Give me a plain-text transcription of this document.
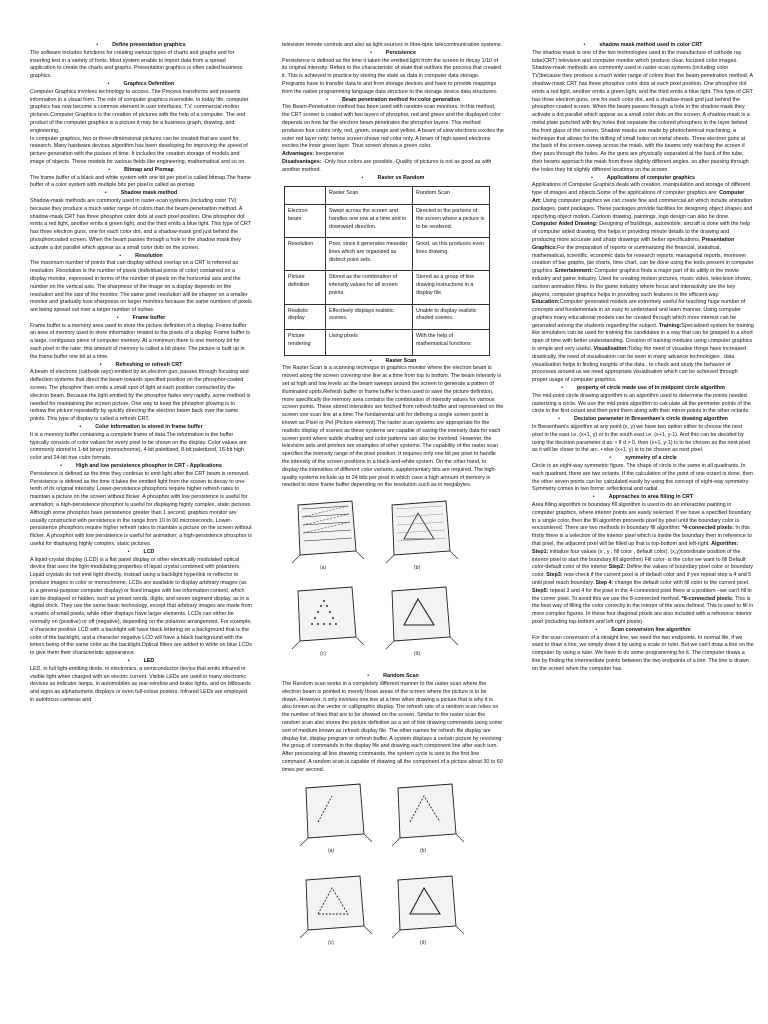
•	Define presentation graphics

The software includes functions for creating various types of charts and graphs and for inserting text in a variety of fonts. Most system enable to import data from a spread application to create the charts and graphs. Presentation graphics is often called business graphics.

•	Graphics Defenition

Computer Graphics involves technology to access. The Process transforms and presents information in a visual form. The role of computer graphics insensible. In today life, computer graphics has now become a common element in user interfaces, T.V. commercial motion pictures.Computer Graphics is the creation of pictures with the help of a computer. The end product of the computer graphics is a picture it may be a business graph, drawing, and engineering.
In computer graphics, two or three-dimensional pictures can be created that are used for research. Many hardware devices algorithm has been developing for improving the speed of picture generation with the passes of time. It includes the creation storage of models and image of objects. These models for various fields like engineering, mathematical and so on.

•	Bitmap and Pixmap

The frame buffer of a black and white system with one bit per pixel is called bitmap.The frame buffer of a color system with multiple bits per pixel is called as pixmap

•	Shadow mask method

Shadow-mask methods are commonly used in raster-scan systems (including color TV) because they produce a much wider range of colors than the beam-penetration method. A shadow-mask CRT has three phosphor color dots at each pixel position. One phosphor dot emits a red light, another emits a green light, and the third emits a blue light. This type of CRT has three electron guns, one for each color dot, and a shadow-mask grid just behind the phosphorcoated screen. When the beam passes through a hole in the shadow mask they activate a dot parallel which appear as a small color dots on the screen.

•	Resolution

The maximum number of points that can display without overlap on a CRT is referred as resolution. Resolution is the number of pixels (individual points of color) contained on a display monitor, expressed in terms of the number of pixels on the horizontal axis and the number on the vertical axis. The sharpness of the image on a display depends on the resolution and the size of the monitor. The same pixel resolution will be sharper on a smaller monitor and gradually lose sharpness on larger monitors because the same numbers of pixels are being spread out over a larger number of inches.

•	Frame buffer

Frame buffer is a memory area used to store the picture definition of a display. Frame buffer an area of memory used to store information related to the pixels of a display. Frame buffer is a large, contiguous piece of computer memory. At a minimum there is one memory bit for each pixel in the rater; this amount of memory is called a bit plane. The picture is built up in the frame buffer one bit at a time.

•	Refreshing or refresh CRT

A beam of electrons (cathode rays) emitted by an electron gun, passes through focusing and deflection systems that direct the beam towards specified position on the phosphor-coated screen. The phosphor then emits a small spot of light at each position contacted by the electron beam. Because the light emitted by the phosphor fades very rapidly, some method is needed for maintaining the screen picture. One way to keep the phosphor glowing is to redraw the picture repeatedly by quickly directing the electron beam back over the same points. This type of display is called a refresh CRT.

•	Color information is stored in frame buffer

It is a memory buffer containing a complete frame of data.The information in the buffer typically consists of color values for every pixel to be shown on the display. Color values are commonly stored in 1-bit binary (monochrome), 4-bit palettized, 8-bit palettized, 16-bit high color and 24-bit true color formats.

•	High and low persistence phosphor in CRT - Applications

Persistence is defined as the time they continue to emit light after the CRT beam is removed. Persistence is defined as the time it takes the emitted light from the screen to decay to one-tenth of its original intensity. Lower-persistence phosphors require higher refresh rates to maintain a picture on the screen without flicker. A phosphor with low persistence is useful for animation; a high-persistence phosphor is useful for displaying highly complex, static pictures. Although some phosphor have persistence greater than 1 second, graphics monitor are usually constructed with persistence in the range from 10 to 60 microseconds. Lower-persistence phosphors require higher refresh rates to maintain a picture on the screen without flicker. A phosphor with low persistence is useful for animation; a high-persistence phosphor is useful for displaying highly complex, static pictures.

•	LCD

A liquid-crystal display (LCD) is a flat panel display or other electrically modulated optical device that uses the light-modulating properties of liquid crystal combined with polarizers. Liquid crystals do not emit light directly, instead using a backlight hyperlink or reflector to produce images in color or monochrome. LCDs are available to display arbitrary images (as in a general-purpose computer display) or fixed images with low information content, which can be displayed or hidden, such as preset words, digits, and seven segment display, as in a digital clock. They use the same basic technology, except that arbitrary images are made from a matrix of small pixels, while other displays have larger elements. LCDs can either be normally on (positive) or off (negative), depending on the polarizer arrangement. For example, a character positive LCD with a backlight will have black lettering on a background that is the color of the backlight, and a character negative LCD will have a black background with the letters being of the same color as the backlight.Optical filters are added to white on blue LCDs to give them their characteristic appearance.

•	LED

LED, in full light-emitting diode, in electronics, a semiconductor device that emits infrared or visible light when charged with an electric current. Visible LEDs are used in many electronic devices as indicator lamps, in automobiles as rear-window and brake lights, and on billboards and signs as alphanumeric displays or even full-colour posters. Infrared LEDs are employed in autofocus cameras and

television remote controls and also as light sources in fibre-optic telecommunication systems.

•	Persistence

Persistence is defined as the time it taken the emitted light from the screen to decay 1/10 of its original intensity. Refers to the characteristic of state that outlives the process that created it. This is achieved in practice by storing the state as data in computer data storage. Programs have to transfer data to and from storage devices and have to provide mappings from the native programming language data structure to the storage device data structures.

•	Beam penetration method for color generation

The Beam-Penetration method has been used with random-scan monitors. In this method, the CRT screen is coated with two layers of phosphor, red and green and the displayed color depends on how far the electron beam penetrates the phosphor layers. This method produces four colors only, red, green, orange and yellow. A beam of slow electrons excites the outer red layer only; hence screen shows red color only. A beam of high-speed electrons excites the inner green layer. Thus screen shows a green color.

Advantages: Inexpensive

Disadvantages: -Only four colors are possible,-Quality of pictures is not as good as with another method.

•	Raster vs Random

	Raster Scan	Random Scan
Electron beam	Swept across the screen and handles one row at a time and in downward direction.	Directed to the portions of the screen where a picture is to be rendered.
Resolution	Poor, since it generates meander lines which are organized as distinct point sets.	Good, as this produces even lines drawing.
Picture definition	Stored as the combination of intensity values for all screen points.	Stored as a group of line drawing instructions in a display file.
Realistic display	Effectively displays realistic scenes.	Unable to display realistic shaded scenes.
Picture rendering	Using pixels	With the help of mathematical functions

•	Raster Scan

The Raster Scan is a scanning technique in graphics monitor where the electron beam is moved along the screen covering one line at a time from top to bottom. The beam intensity is set at high and low levels as the beam sweeps around the screen to generate a pattern of illuminated spots.Refresh buffer or frame buffer is then used to save the picture definition, more specifically the memory area contains the combination of intensity values for various screen points. These stored intensities are fetched from refresh buffer and represented on the screen one scan line at a time.The fundamental unit for defining a single screen point is known as Pixel or Pel (Picture element).The raster scan systems are appropriate for the realistic display of scenes as these systems are capable of saving the intensity data for each screen point where subtle shading and color patterns can also be involved. However, the television sets and printers are examples of other systems. The capability of the raster scan specifies the intensity range of the pixel position. It requires only one bit per pixel to handle the intensity of the screen positions in a black-and-white system. On the other hand, to display the intensities of different color variants, supplementary bits are required. The high-quality systems include up to 24 bits per pixel in which case a high amount of memory is needed to store frame buffer depending on the resolution such as in megabytes.

(a)	(b)
(c)	(d)

•	Random Scan

The Random scan works in a completely different manner to the raster scan where the electron beam is pointed to merely those areas of the screen where the picture is to be drawn. However, it only involves one line at a time when drawing a picture that is why it is also known as the vector or calligraphic display. The refresh rate of a random scan relies on the number of lines that are to be showed on the screen. Similar to the raster scan the random scan also stores the picture definition as a set of line drawing commands using some sort of medium known as refresh display file. The other names for refresh file display are display list, display program or refresh buffer. A system displays a certain picture by revolving the group of commands in the display file and drawing each component line after each turn. After processing all line drawing commands, the system cycle is sent to the first line command. A random scan is capable of drawing all the component of a picture about 30 to 60 times per second.

(a)	(b)
(c)	(d)

•	shadow mask method used in color CRT

The shadow mask is one of the two technologies used in the manufacture of cathode ray tube(CRT) television and computer monitor which produce clear, focused color images. Shadow-mask methods are commonly used in raster-scan systems (including color TV)because they produce a much wider range of colors than the beam-penetration method. A shadow-mask CRT has three phosphor color dots at each pixel position. One phosphor dot emits a red light, another emits a green light, and the third emits a blue light. This type of CRT has three electron guns, one for each color dot, and a shadow-mask grid just behind the phosphor-coated screen. When the beam passes through a hole in the shadow mask they activate a dot parallel which appear as a small color dots on the screen. A shadow mask is a metal plate punched with tiny holes that separate the colored phosphers in the layer behind the front glass of the screen. Shadow masks are made by photochemical machining, a technique that allows for the drilling of small holes on metal sheets. Three electron guns at the back of the screen sweep across the mask, with the beams only reaching the screen if they pass through the holes. As the guns are physically separated at the back of the tube, their beams approach the mask from three slightly different angles, so after passing through the holes they hit slightly different locations on the screen.

•	Applications of computer graphics

Applications of Computer Graphics deals with creation, manipulation and storage of different type of images and objects.Some of the applications of computer graphics are: Computer Art: Using computer graphics we can create fine and commercial art which include animation packages, paint packages. These packages provide facilities for designing object shapes and specifying object motion. Cartoon drawing, paintings, logo design can also be done. Computer Aided Drawing: Designing of buildings, automobile, aircraft is done with the help of computer aided drawing, this helps in providing minute details to the drawing and producing more accurate and sharp drawings with better specifications. Presentation Graphics:For the preparation of reports or summarizing the financial, statistical, mathematical, scientific, economic data for research reports, managerial reports, moreover creation of bar graphs, pie charts, time chart, can be done using the tools present in computer graphics. Entertainment: Computer graphics finds a major part of its utility in the movie industry and game industry. Used for creating motion pictures, music video, television shows, cartoon animation films. In the game industry where focus and interactivity are the key players, computer graphics helps in providing such features in the efficient way. Education:Computer generated models are extremely useful for teaching huge number of concepts and fundamentals in an easy to understand and learn manner. Using computer graphics many educational models can be created through which more interest can be generated among the students regarding the subject. Training:Specialised system for training like simulators can be used for training the candidates in a way that can be grasped in a short span of time with better understanding. Creation of training modules using computer graphics is simple and very useful. Visualisation:Today the need of visualise things have increased drastically, the need of visualisation can be seen in many advance technologies , data visualisation helps in finding insights of the data , to check and study the behavior of processes around us we need appropriate visualisation which can be achieved through proper usage of computer graphics.

•	property of circle made use of in midpoint circle algorithm

The mid-point circle drawing algorithm is an algorithm used to determine the points needed rasterizing a circle. We use the mid-point algorithm to calculate all the perimeter points of the circle in the first octant and then print them along with their mirror points in the other octants.

•	Decision parameter in Bresenham's circle drawing algorithm

In Bresenham's algorithm at any point (x, y) we have two option either to choose the next pixel in the east i.e. (x+1, y) or in the south east i.e. (x+1, y-1). And this can be decided by using the decision parameter d as: • If d > 0, then (x+1, y-1) is to be chosen as the next pixel as it will be closer to the arc. • else (x+1, y) is to be chosen as next pixel.

•	symmetry of a circle

Circle is an eight-way symmetric figure. The shape of circle is the same in all quadrants. In each quadrant, there are two octants. If the calculation of the point of one octant is done, then the other seven points can be calculated easily by using the concept of eight-way symmetry. Symmetry comes in two forms: reflectional and radial.

•	Approaches to area filling in CRT

Area filling algorithm or boundary fill algorithm is used to do an interactive painting in computer graphics, where interior points are easily selected. If we have a specified boundary in a single color, then the fill algorithm proceeds pixel by pixel until the boundary color is encountered. There are two methods in boundary fill algorithm: *4-connected pixels: In this firstly there is a selection of the interior pixel which is inside the boundary then in reference to that pixel, the adjacent pixel will be filled up that is top-bottom and left-right. Algorithm: Step1: initialize four values (x , y , fill color , default color). (x,y)coordinate position of the interior pixel to start the boundary fill algorithm) Fill color- is the color we want to fill Default color-default color of the interior Step2: Define the values of boundary pixel color or boundary color. Step3: now check if the current pixel is of default color and if yes repeat step a 4 and 5 until pixel reach boundary. Step 4: change the default color with fill color to the current pixel. Step5: repeat 3 and 4 for the pixel in the 4-connected pixel there is a problem –we can't fill in the corner pixel. To avoid this we use the 8-connected method. *8-connected pixels: This is the best way of filling the color correctly in the interior of the area defined. This is used to fill in more complex figures. In these four diagonal pixels are also included with a reference interior pixel (including top-bottom and left right pixels).

•	Scan conversion line algorithm

For the scan conversion of a straight line, we need the two endpoints. In normal life, if we want to draw a line, we simply draw it by using a scale or ruler. But we can't draw a line on the computer by using a ruler. We have to do some programming for it. The computer draws a line by finding the intermediate points between the two endpoints of a line. The line is drawn on the screen when the computer has
